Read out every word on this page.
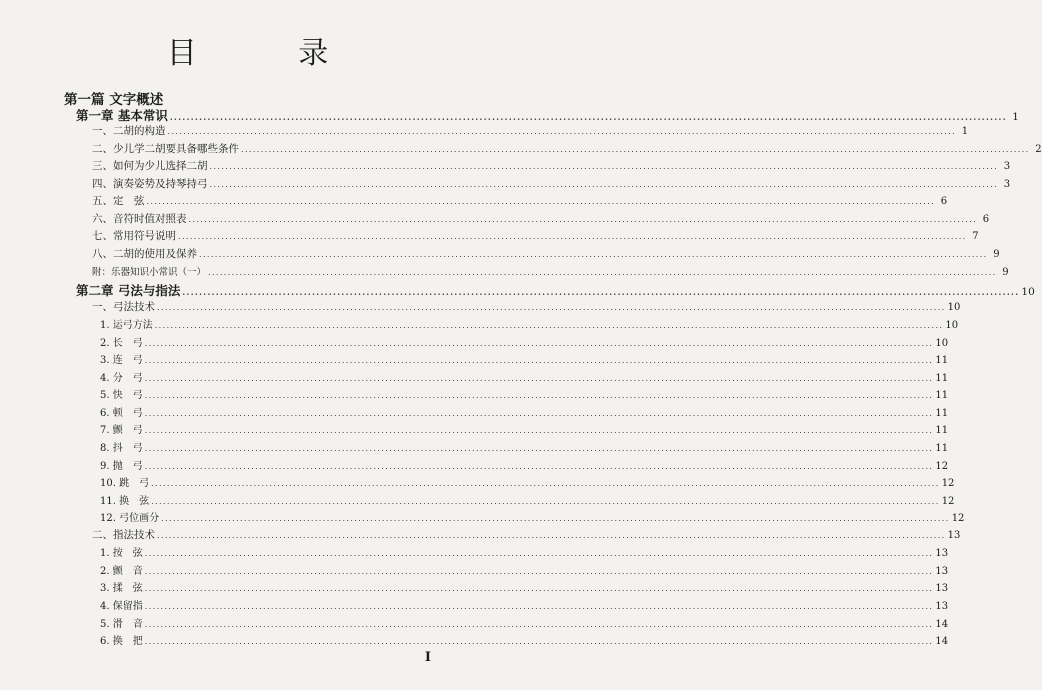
目 录
第一篇 文字概述
第一章 基本常识 ........................................................................................................................................................................................................ 1
一、二胡的构造 ........................................................................................................................................................................................................ 1
二、少儿学二胡要具备哪些条件 ........................................................................................................................................................................................................ 2
三、如何为少儿选择二胡 ........................................................................................................................................................................................................ 3
四、演奏姿势及持琴持弓 ........................................................................................................................................................................................................ 3
五、定　弦 ........................................................................................................................................................................................................ 6
六、音符时值对照表 ........................................................................................................................................................................................................ 6
七、常用符号说明 ........................................................................................................................................................................................................ 7
八、二胡的使用及保养 ........................................................................................................................................................................................................ 9
附：乐器知识小常识（一） ........................................................................................................................................................................................................ 9
第二章 弓法与指法 ........................................................................................................................................................................................................ 10
一、弓法技术 ........................................................................................................................................................................................................ 10
1. 运弓方法 ........................................................................................................................................................................................................ 10
2. 长　弓 ........................................................................................................................................................................................................ 10
3. 连　弓 ........................................................................................................................................................................................................ 11
4. 分　弓 ........................................................................................................................................................................................................ 11
5. 快　弓 ........................................................................................................................................................................................................ 11
6. 顿　弓 ........................................................................................................................................................................................................ 11
7. 颤　弓 ........................................................................................................................................................................................................ 11
8. 抖　弓 ........................................................................................................................................................................................................ 11
9. 抛　弓 ........................................................................................................................................................................................................ 12
10. 跳　弓 ........................................................................................................................................................................................................ 12
11. 换　弦 ........................................................................................................................................................................................................ 12
12. 弓位画分 ........................................................................................................................................................................................................ 12
二、指法技术 ........................................................................................................................................................................................................ 13
1. 按　弦 ........................................................................................................................................................................................................ 13
2. 颤　音 ........................................................................................................................................................................................................ 13
3. 揉　弦 ........................................................................................................................................................................................................ 13
4. 保留指 ........................................................................................................................................................................................................ 13
5. 滑　音 ........................................................................................................................................................................................................ 14
6. 换　把 ........................................................................................................................................................................................................ 14
I
